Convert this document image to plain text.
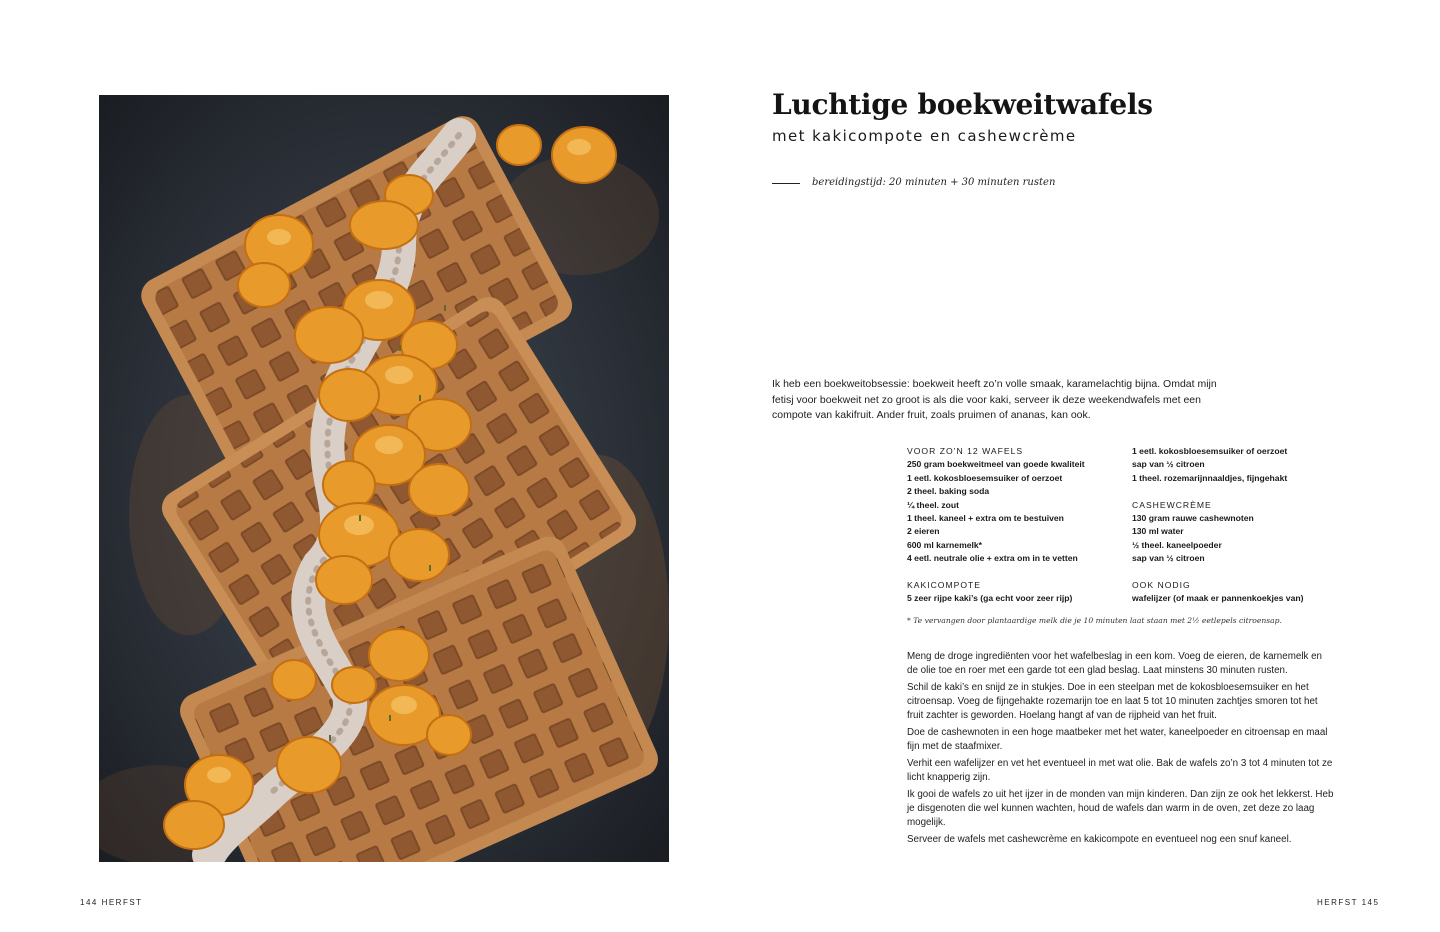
Luchtige boekweitwafels
met kakicompote en cashewcrème
bereidingstijd: 20 minuten + 30 minuten rusten

Ik heb een boekweitobsessie: boekweit heeft zo’n volle smaak, karamelachtig bijna. Omdat mijn fetisj voor boekweit net zo groot is als die voor kaki, serveer ik deze weekendwafels met een compote van kakifruit. Ander fruit, zoals pruimen of ananas, kan ook.

VOOR ZO’N 12 WAFELS
250 gram boekweitmeel van goede kwaliteit
1 eetl. kokosbloesemsuiker of oerzoet
2 theel. baking soda
¼ theel. zout
1 theel. kaneel + extra om te bestuiven
2 eieren
600 ml karnemelk*
4 eetl. neutrale olie + extra om in te vetten
KAKICOMPOTE
5 zeer rijpe kaki’s (ga echt voor zeer rijp)
1 eetl. kokosbloesemsuiker of oerzoet
sap van ½ citroen
1 theel. rozemarijnnaaldjes, fijngehakt
CASHEWCRÈME
130 gram rauwe cashewnoten
130 ml water
½ theel. kaneelpoeder
sap van ½ citroen
OOK NODIG
wafelijzer (of maak er pannenkoekjes van)
* Te vervangen door plantaardige melk die je 10 minuten laat staan met 2½ eetlepels citroensap.

Meng de droge ingrediënten voor het wafelbeslag in een kom. Voeg de eieren, de karnemelk en de olie toe en roer met een garde tot een glad beslag. Laat minstens 30 minuten rusten.

Schil de kaki’s en snijd ze in stukjes. Doe in een steelpan met de kokosbloesemsuiker en het citroensap. Voeg de fijngehakte rozemarijn toe en laat 5 tot 10 minuten zachtjes smoren tot het fruit zachter is geworden. Hoelang hangt af van de rijpheid van het fruit.

Doe de cashewnoten in een hoge maatbeker met het water, kaneelpoeder en citroensap en maal fijn met de staafmixer.

Verhit een wafelijzer en vet het eventueel in met wat olie. Bak de wafels zo’n 3 tot 4 minuten tot ze licht knapperig zijn.

Ik gooi de wafels zo uit het ijzer in de monden van mijn kinderen. Dan zijn ze ook het lekkerst. Heb je disgenoten die wel kunnen wachten, houd de wafels dan warm in de oven, zet deze zo laag mogelijk.

Serveer de wafels met cashewcrème en kakicompote en eventueel nog een snuf kaneel.

144 HERFST	HERFST 145
